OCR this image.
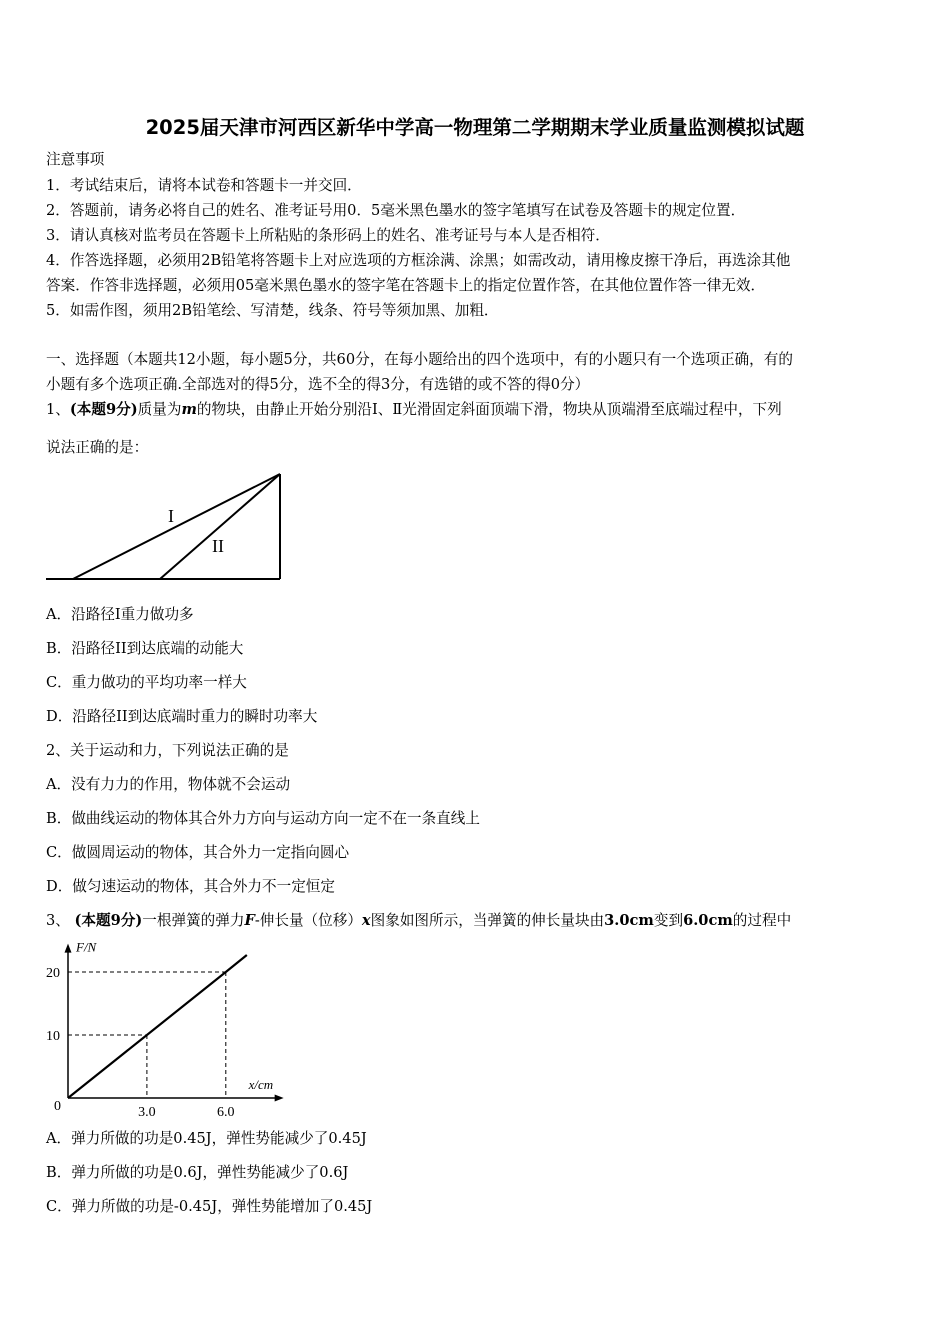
2025届天津市河西区新华中学高一物理第二学期期末学业质量监测模拟试题
注意事项
1．考试结束后，请将本试卷和答题卡一并交回．
2．答题前，请务必将自己的姓名、准考证号用0．5毫米黑色墨水的签字笔填写在试卷及答题卡的规定位置．
3．请认真核对监考员在答题卡上所粘贴的条形码上的姓名、准考证号与本人是否相符．
4．作答选择题，必须用2B铅笔将答题卡上对应选项的方框涂满、涂黑；如需改动，请用橡皮擦干净后，再选涂其他
答案．作答非选择题，必须用05毫米黑色墨水的签字笔在答题卡上的指定位置作答，在其他位置作答一律无效．
5．如需作图，须用2B铅笔绘、写清楚，线条、符号等须加黑、加粗．
一、选择题（本题共12小题，每小题5分，共60分，在每小题给出的四个选项中，有的小题只有一个选项正确，有的
小题有多个选项正确.全部选对的得5分，选不全的得3分，有选错的或不答的得0分）
1、(本题9分)质量为m的物块，由静止开始分别沿Ⅰ、Ⅱ光滑固定斜面顶端下滑，物块从顶端滑至底端过程中，下列
说法正确的是：
I
II
A．沿路径Ⅰ重力做功多
B．沿路径II到达底端的动能大
C．重力做功的平均功率一样大
D．沿路径II到达底端时重力的瞬时功率大
2、关于运动和力，下列说法正确的是
A．没有力力的作用，物体就不会运动
B．做曲线运动的物体其合外力方向与运动方向一定不在一条直线上
C．做圆周运动的物体，其合外力一定指向圆心
D．做匀速运动的物体，其合外力不一定恒定
3、 (本题9分)一根弹簧的弹力F-伸长量（位移）x图象如图所示，当弹簧的伸长量块由3.0cm变到6.0cm的过程中
F/N
x/cm
0
10
20
3.0	6.0
A．弹力所做的功是0.45J，弹性势能减少了0.45J
B．弹力所做的功是0.6J，弹性势能减少了0.6J
C．弹力所做的功是-0.45J，弹性势能增加了0.45J
